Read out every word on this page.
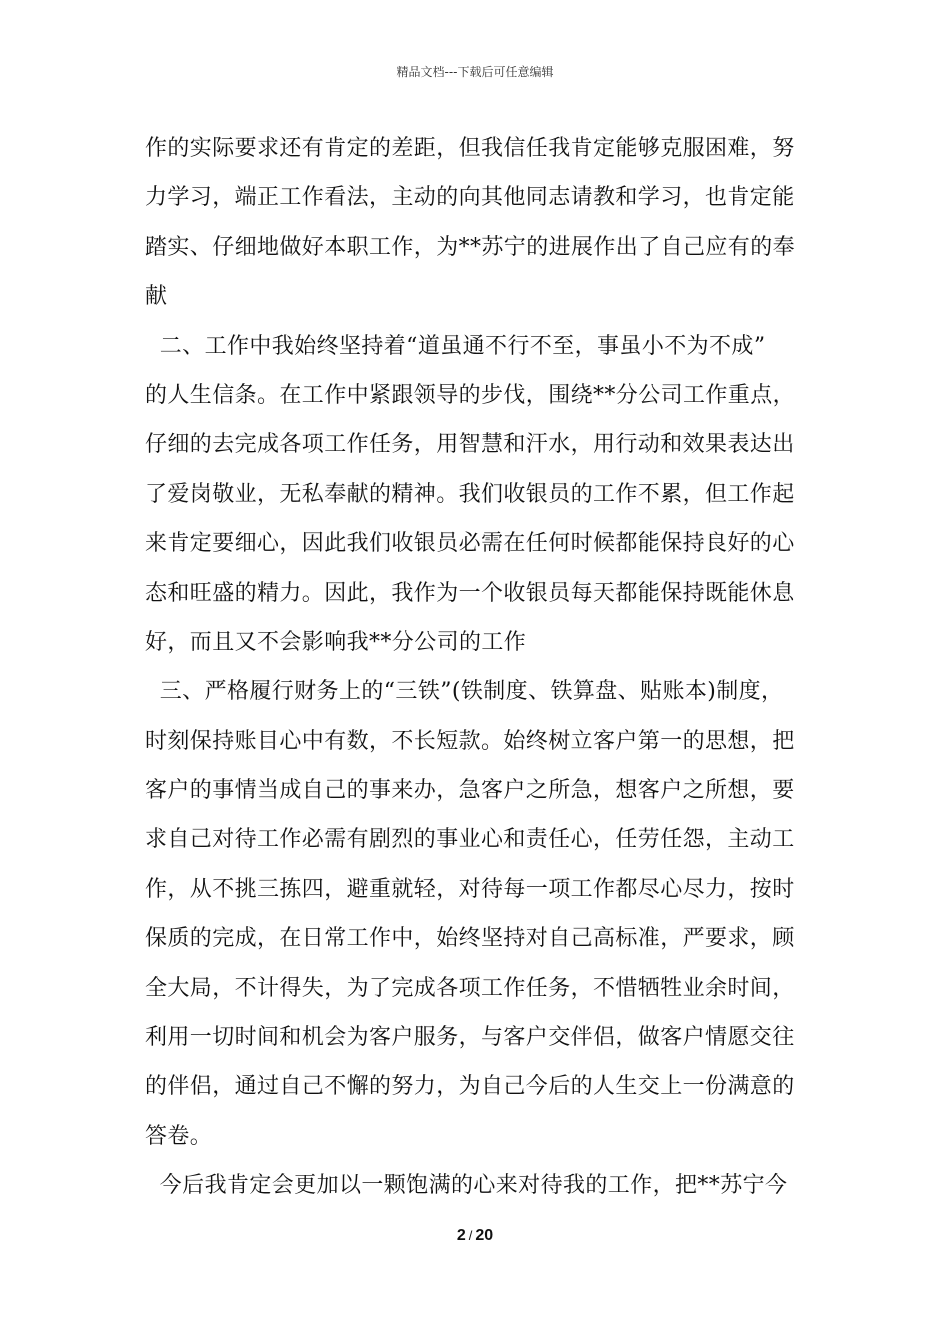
精品文档---下载后可任意编辑
作的实际要求还有肯定的差距，但我信任我肯定能够克服困难，努
力学习，端正工作看法，主动的向其他同志请教和学习，也肯定能
踏实、仔细地做好本职工作，为**苏宁的进展作出了自己应有的奉
献
二、工作中我始终坚持着“道虽通不行不至，事虽小不为不成”
的人生信条。在工作中紧跟领导的步伐，围绕**分公司工作重点，
仔细的去完成各项工作任务，用智慧和汗水，用行动和效果表达出
了爱岗敬业，无私奉献的精神。我们收银员的工作不累，但工作起
来肯定要细心，因此我们收银员必需在任何时候都能保持良好的心
态和旺盛的精力。因此，我作为一个收银员每天都能保持既能休息
好，而且又不会影响我**分公司的工作
三、严格履行财务上的“三铁”(铁制度、铁算盘、贴账本)制度，
时刻保持账目心中有数，不长短款。始终树立客户第一的思想，把
客户的事情当成自己的事来办，急客户之所急，想客户之所想，要
求自己对待工作必需有剧烈的事业心和责任心，任劳任怨，主动工
作，从不挑三拣四，避重就轻，对待每一项工作都尽心尽力，按时
保质的完成，在日常工作中，始终坚持对自己高标准，严要求，顾
全大局，不计得失，为了完成各项工作任务，不惜牺牲业余时间，
利用一切时间和机会为客户服务，与客户交伴侣，做客户情愿交往
的伴侣，通过自己不懈的努力，为自己今后的人生交上一份满意的
答卷。
今后我肯定会更加以一颗饱满的心来对待我的工作，把**苏宁今
2 / 20
